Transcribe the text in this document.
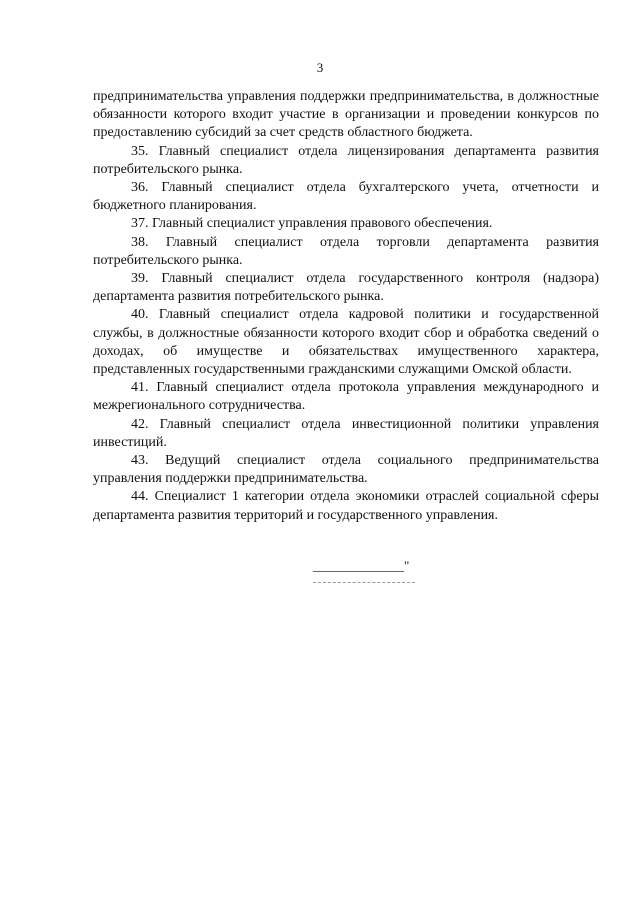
3

предпринимательства управления поддержки предпринимательства, в должностные обязанности которого входит участие в организации и проведении конкурсов по предоставлению субсидий за счет средств областного бюджета.

35. Главный специалист отдела лицензирования департамента развития потребительского рынка.

36. Главный специалист отдела бухгалтерского учета, отчетности и бюджетного планирования.

37. Главный специалист управления правового обеспечения.

38. Главный специалист отдела торговли департамента развития потребительского рынка.

39. Главный специалист отдела государственного контроля (надзора) департамента развития потребительского рынка.

40. Главный специалист отдела кадровой политики и государственной службы, в должностные обязанности которого входит сбор и обработка сведений о доходах, об имуществе и обязательствах имущественного характера, представленных государственными гражданскими служащими Омской области.

41. Главный специалист отдела протокола управления международного и межрегионального сотрудничества.

42. Главный специалист отдела инвестиционной политики управления инвестиций.

43. Ведущий специалист отдела социального предпринимательства управления поддержки предпринимательства.

44. Специалист 1 категории отдела экономики отраслей социальной сферы департамента развития территорий и государственного управления.

______________"
